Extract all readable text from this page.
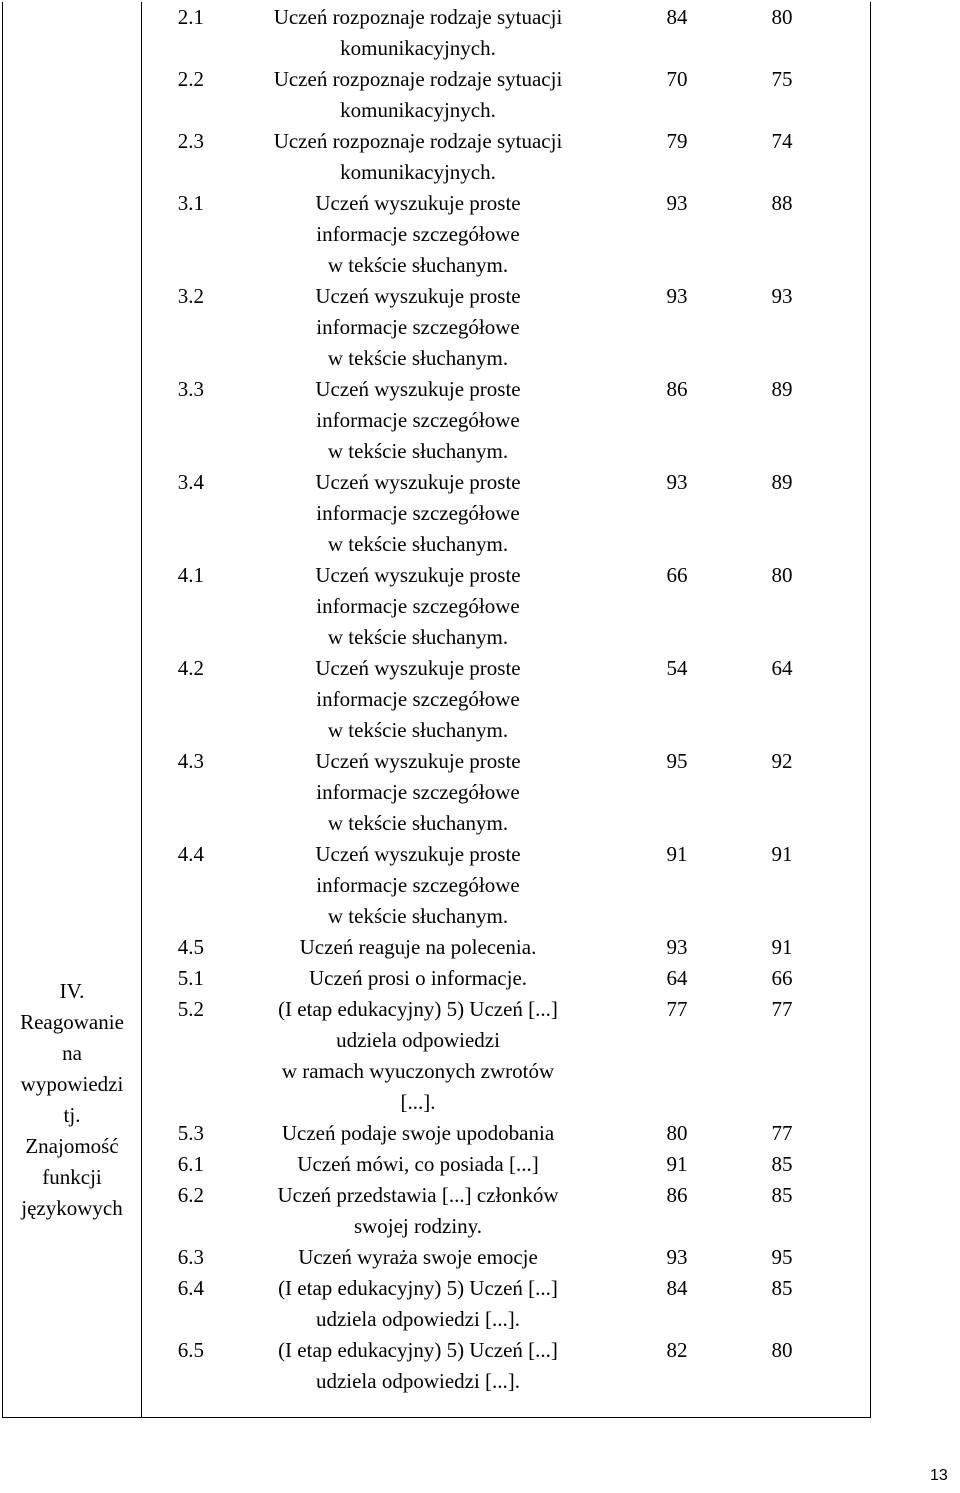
IV.
Reagowanie
na
wypowiedzi
tj.
Znajomość
funkcji
językowych
2.1	Uczeń rozpoznaje rodzaje sytuacji
komunikacyjnych.
84	80
2.2	Uczeń rozpoznaje rodzaje sytuacji
komunikacyjnych.
70	75
2.3	Uczeń rozpoznaje rodzaje sytuacji
komunikacyjnych.
79	74
3.1	Uczeń wyszukuje proste
informacje szczegółowe
w tekście słuchanym.
93	88
3.2	Uczeń wyszukuje proste
informacje szczegółowe
w tekście słuchanym.
93	93
3.3	Uczeń wyszukuje proste
informacje szczegółowe
w tekście słuchanym.
86	89
3.4	Uczeń wyszukuje proste
informacje szczegółowe
w tekście słuchanym.
93	89
4.1	Uczeń wyszukuje proste
informacje szczegółowe
w tekście słuchanym.
66	80
4.2	Uczeń wyszukuje proste
informacje szczegółowe
w tekście słuchanym.
54	64
4.3	Uczeń wyszukuje proste
informacje szczegółowe
w tekście słuchanym.
95	92
4.4	Uczeń wyszukuje proste
informacje szczegółowe
w tekście słuchanym.
91	91
4.5	Uczeń reaguje na polecenia.	93	91
5.1	Uczeń prosi o informacje.	64	66
5.2	(I etap edukacyjny) 5) Uczeń [...]
udziela odpowiedzi
w ramach wyuczonych zwrotów
[...].
77	77
5.3	Uczeń podaje swoje upodobania	80	77
6.1	Uczeń mówi, co posiada [...]	91	85
6.2	Uczeń przedstawia [...] członków
swojej rodziny.
86	85
6.3	Uczeń wyraża swoje emocje	93	95
6.4	(I etap edukacyjny) 5) Uczeń [...]
udziela odpowiedzi [...].
84	85
6.5	(I etap edukacyjny) 5) Uczeń [...]
udziela odpowiedzi [...].
82	80
13
